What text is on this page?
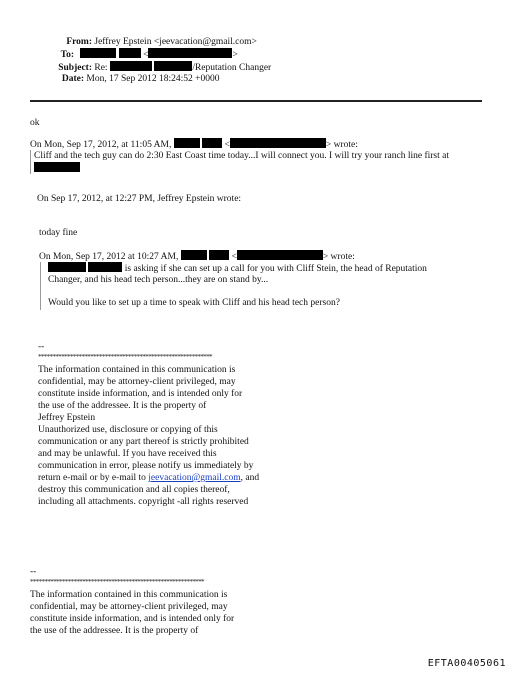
From: Jeffrey Epstein <jeevacation@gmail.com>
To:	<	>
Subject: Re:	/Reputation Changer
Date: Mon, 17 Sep 2012 18:24:52 +0000
ok
On Mon, Sep 17, 2012, at 11:05 AM,	<	> wrote:
Cliff and the tech guy can do 2:30 East Coast time today...I will connect you. I will try your ranch line first at
On Sep 17, 2012, at 12:27 PM, Jeffrey Epstein wrote:
today fine
On Mon, Sep 17, 2012 at 10:27 AM,	<	> wrote:
is asking if she can set up a call for you with Cliff Stein, the head of Reputation
Changer, and his head tech person...they are on stand by...
Would you like to set up a time to speak with Cliff and his head tech person?
--
************************************************************
The information contained in this communication is
confidential, may be attorney-client privileged, may
constitute inside information, and is intended only for
the use of the addressee. It is the property of
Jeffrey Epstein
Unauthorized use, disclosure or copying of this
communication or any part thereof is strictly prohibited
and may be unlawful. If you have received this
communication in error, please notify us immediately by
return e-mail or by e-mail to jeevacation@gmail.com, and
destroy this communication and all copies thereof,
including all attachments. copyright -all rights reserved
--
************************************************************
The information contained in this communication is
confidential, may be attorney-client privileged, may
constitute inside information, and is intended only for
the use of the addressee. It is the property of
EFTA00405061
